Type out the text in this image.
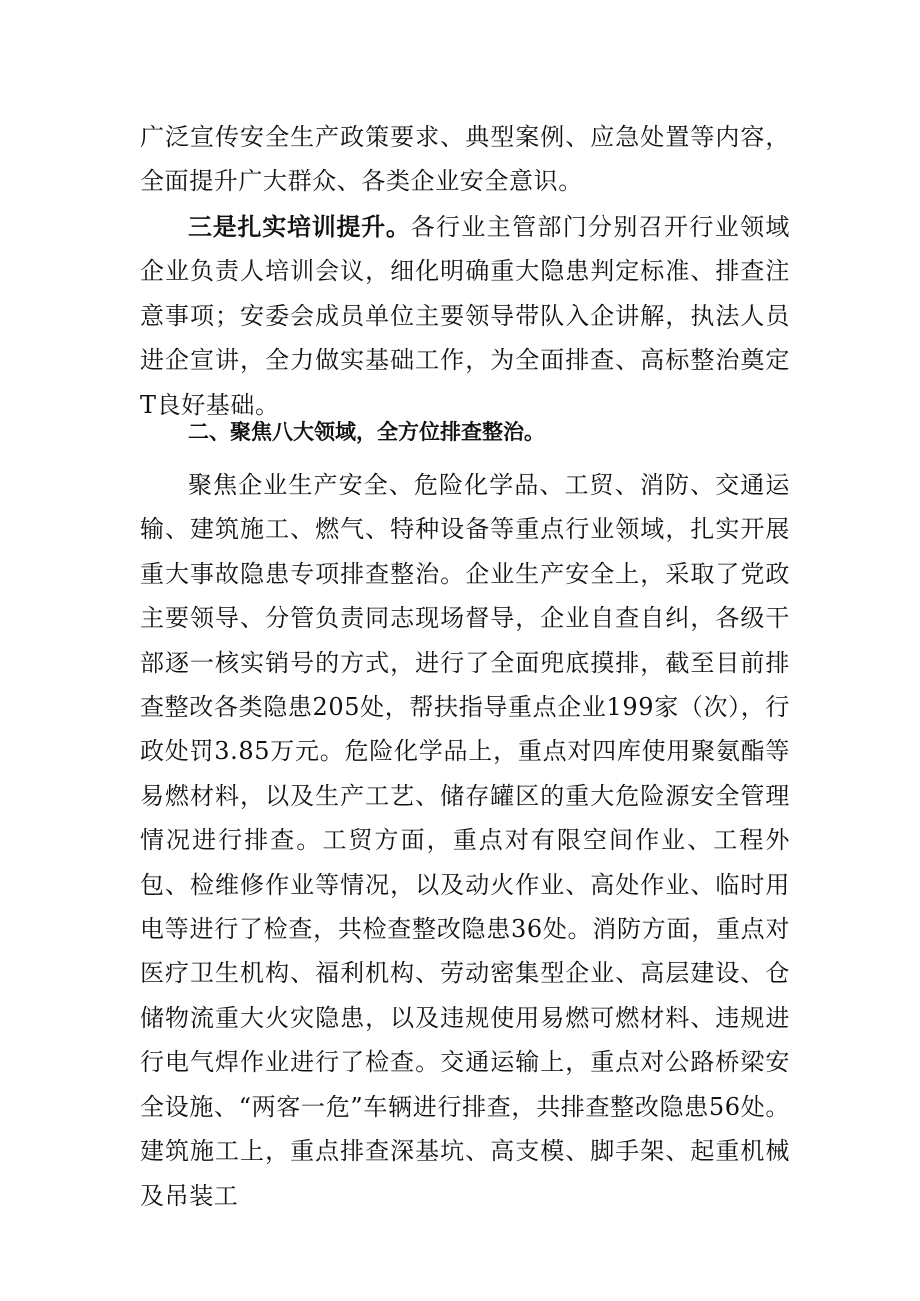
广泛宣传安全生产政策要求、典型案例、应急处置等内容，全面提升广大群众、各类企业安全意识。

三是扎实培训提升。各行业主管部门分别召开行业领域企业负责人培训会议，细化明确重大隐患判定标准、排查注意事项；安委会成员单位主要领导带队入企讲解，执法人员进企宣讲，全力做实基础工作，为全面排查、高标整治奠定T良好基础。

二、聚焦八大领域，全方位排查整治。

聚焦企业生产安全、危险化学品、工贸、消防、交通运输、建筑施工、燃气、特种设备等重点行业领域，扎实开展重大事故隐患专项排查整治。企业生产安全上，采取了党政主要领导、分管负责同志现场督导，企业自查自纠，各级干部逐一核实销号的方式，进行了全面兜底摸排，截至目前排查整改各类隐患205处，帮扶指导重点企业199家（次），行政处罚3.85万元。危险化学品上，重点对四库使用聚氨酯等易燃材料，以及生产工艺、储存罐区的重大危险源安全管理情况进行排查。工贸方面，重点对有限空间作业、工程外包、检维修作业等情况，以及动火作业、高处作业、临时用电等进行了检查，共检查整改隐患36处。消防方面，重点对医疗卫生机构、福利机构、劳动密集型企业、高层建设、仓储物流重大火灾隐患，以及违规使用易燃可燃材料、违规进行电气焊作业进行了检查。交通运输上，重点对公路桥梁安全设施、“两客一危”车辆进行排查，共排查整改隐患56处。建筑施工上，重点排查深基坑、高支模、脚手架、起重机械及吊装工
